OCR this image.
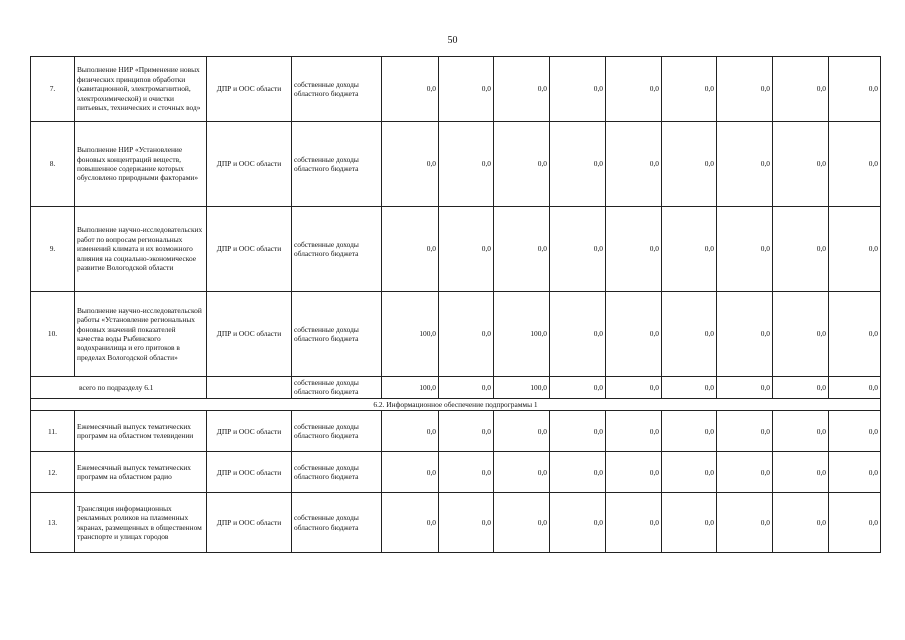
50
7.	Выполнение НИР «Применение новых физических принципов обработки (кавитационной, электромагнитной, электрохимической) и очистки питьевых, технических и сточных вод»	ДПР и ООС области	собственные доходы областного бюджета	0,0	0,0	0,0	0,0	0,0	0,0	0,0	0,0	0,0
8.	Выполнение НИР «Установление фоновых концентраций веществ, повышенное содержание которых обусловлено природными факторами»	ДПР и ООС области	собственные доходы областного бюджета	0,0	0,0	0,0	0,0	0,0	0,0	0,0	0,0	0,0
9.	Выполнение научно-исследовательских работ по вопросам региональных изменений климата и их возможного влияния на социально-экономическое развитие Вологодской области	ДПР и ООС области	собственные доходы областного бюджета	0,0	0,0	0,0	0,0	0,0	0,0	0,0	0,0	0,0
10.	Выполнение научно-исследовательской работы «Установление региональных фоновых значений показателей качества воды Рыбинского водохранилища и его притоков в пределах Вологодской области»	ДПР и ООС области	собственные доходы областного бюджета	100,0	0,0	100,0	0,0	0,0	0,0	0,0	0,0	0,0
всего по подразделу 6.1			собственные доходы областного бюджета	100,0	0,0	100,0	0,0	0,0	0,0	0,0	0,0	0,0
6.2. Информационное обеспечение подпрограммы 1												
11.	Ежемесячный выпуск тематических программ на областном телевидении	ДПР и ООС области	собственные доходы областного бюджета	0,0	0,0	0,0	0,0	0,0	0,0	0,0	0,0	0,0
12.	Ежемесячный выпуск тематических программ на областном радио	ДПР и ООС области	собственные доходы областного бюджета	0,0	0,0	0,0	0,0	0,0	0,0	0,0	0,0	0,0
13.	Трансляция информационных рекламных роликов на плазменных экранах, размещенных в общественном транспорте и улицах городов	ДПР и ООС области	собственные доходы областного бюджета	0,0	0,0	0,0	0,0	0,0	0,0	0,0	0,0	0,0
